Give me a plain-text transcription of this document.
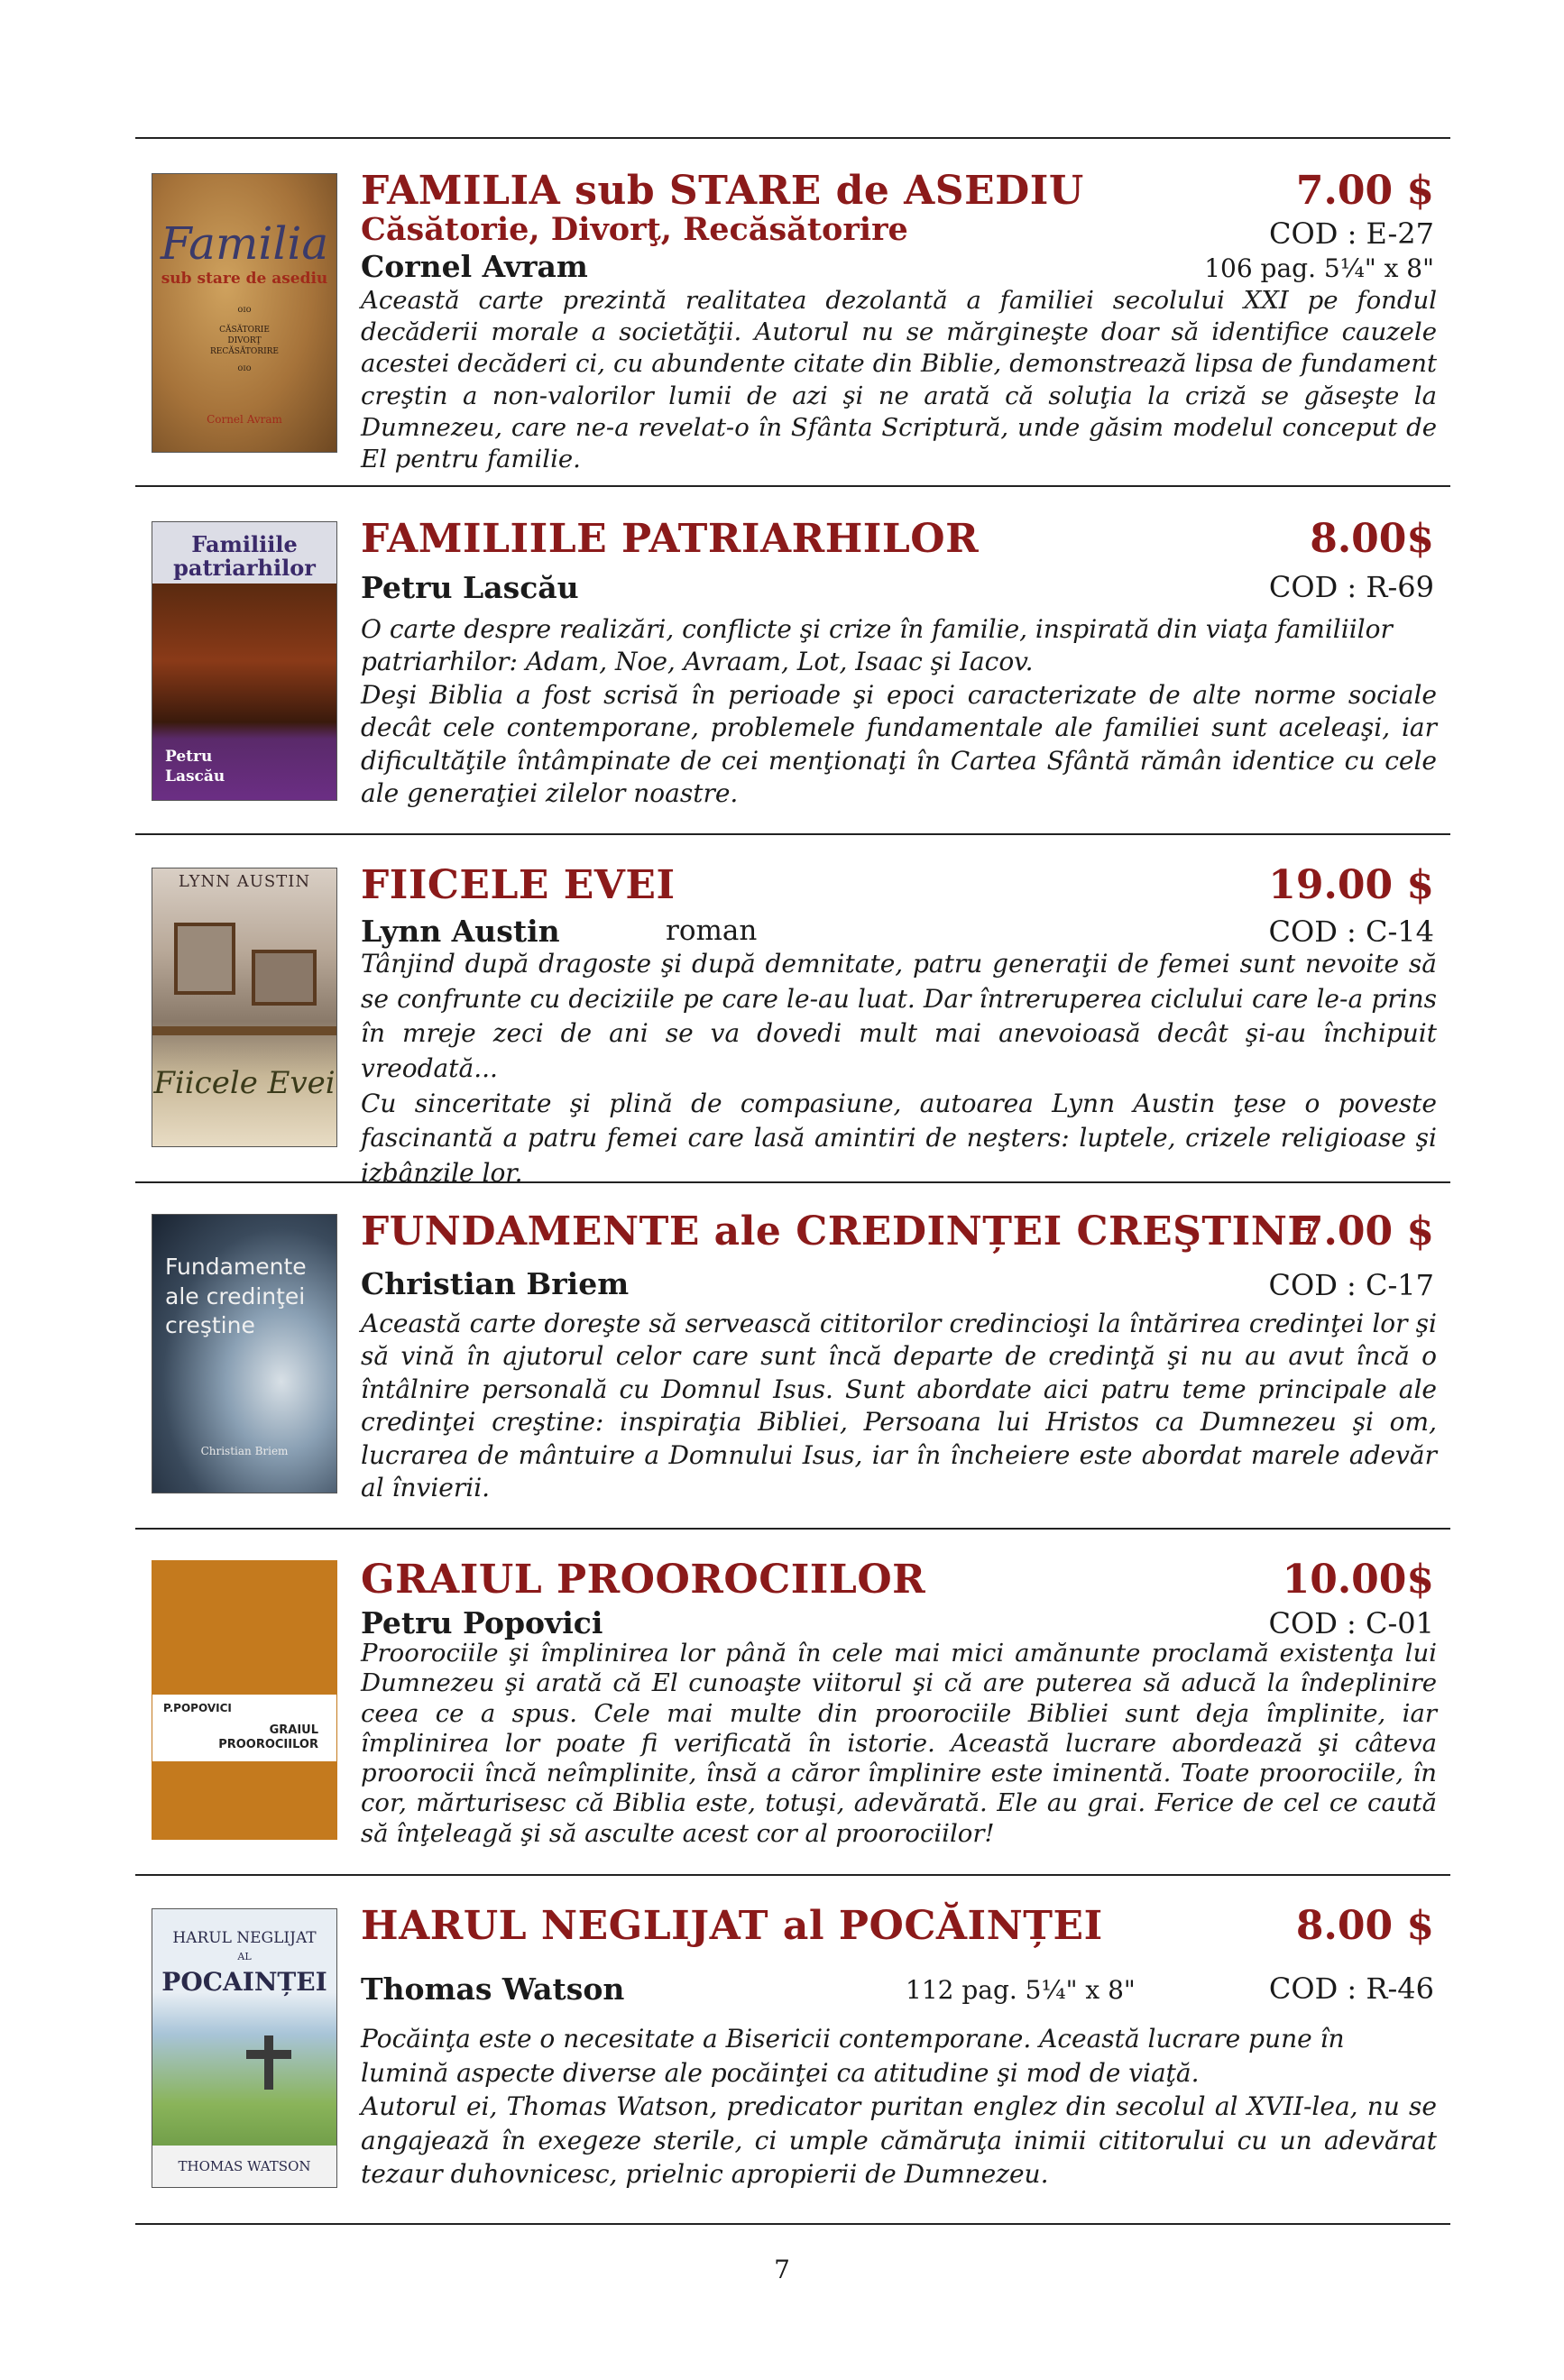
Familia
sub stare de asediu
ᴏɪᴏ
CĂSĂTORIE
DIVORŢ
RECĂSĂTORIRE
ᴏɪᴏ
Cornel Avram
FAMILIA sub STARE de ASEDIU	7.00 $
Căsătorie, Divorţ, Recăsătorire	COD : E-27
Cornel Avram	106 pag. 5¼" x 8"

Această carte prezintă realitatea dezolantă a familiei secolului XXI pe fondul decăderii morale a societăţii. Autorul nu se mărgineşte doar să identifice cauzele acestei decăderi ci, cu abundente citate din Biblie, demonstrează lipsa de fundament creştin a non-valorilor lumii de azi şi ne arată că soluţia la criză se găseşte la Dumnezeu, care ne-a revelat-o în Sfânta Scriptură, unde găsim modelul conceput de El pentru familie.

Familiile patriarhilor
Petru
Lascău
FAMILIILE PATRIARHILOR	8.00$
Petru Lascău	COD : R-69

O carte despre realizări, conflicte şi crize în familie, inspirată din viaţa familiilor patriarhilor: Adam, Noe, Avraam, Lot, Isaac şi Iacov.

Deşi Biblia a fost scrisă în perioade şi epoci caracterizate de alte norme sociale decât cele contemporane, problemele fundamentale ale familiei sunt aceleaşi, iar dificultăţile întâmpinate de cei menţionaţi în Cartea Sfântă rămân identice cu cele ale generaţiei zilelor noastre.

LYNN AUSTIN
Fiicele Evei
FIICELE EVEI	19.00 $
Lynn Austin	roman	COD : C-14

Tânjind după dragoste şi după demnitate, patru generaţii de femei sunt nevoite să se confrunte cu deciziile pe care le-au luat. Dar întreruperea ciclului care le-a prins în mreje zeci de ani se va dovedi mult mai anevoioasă decât şi-au închipuit vreodată...

Cu sinceritate şi plină de compasiune, autoarea Lynn Austin ţese o poveste fascinantă a patru femei care lasă amintiri de neşters: luptele, crizele religioase şi izbânzile lor.

Fundamente ale credinţei creştine
Christian Briem
FUNDAMENTE ale CREDINȚEI CREŞTINE
7.00 $
Christian Briem	COD : C-17

Această carte doreşte să servească cititorilor credincioşi la întărirea credinţei lor şi să vină în ajutorul celor care sunt încă departe de credinţă şi nu au avut încă o întâlnire personală cu Domnul Isus. Sunt abordate aici patru teme principale ale credinţei creştine: inspiraţia Bibliei, Persoana lui Hristos ca Dumnezeu şi om, lucrarea de mântuire a Domnului Isus, iar în încheiere este abordat marele adevăr al învierii.

P.POPOVICI
GRAIUL
PROOROCIILOR
GRAIUL PROOROCIILOR	10.00$
Petru Popovici	COD : C-01

Proorociile şi împlinirea lor până în cele mai mici amănunte proclamă existenţa lui Dumnezeu şi arată că El cunoaşte viitorul şi că are puterea să aducă la îndeplinire ceea ce a spus. Cele mai multe din proorociile Bibliei sunt deja împlinite, iar împlinirea lor poate fi verificată în istorie. Această lucrare abordează şi câteva proorocii încă neîmplinite, însă a căror împlinire este iminentă. Toate proorociile, în cor, mărturisesc că Biblia este, totuşi, adevărată. Ele au grai. Ferice de cel ce caută să înţeleagă şi să asculte acest cor al proorociilor!

HARUL NEGLIJAT
AL
POCAINȚEI
THOMAS WATSON
HARUL NEGLIJAT al POCĂINȚEI	8.00 $
Thomas Watson	112 pag. 5¼" x 8"	COD : R-46

Pocăinţa este o necesitate a Bisericii contemporane. Această lucrare pune în lumină aspecte diverse ale pocăinţei ca atitudine şi mod de viaţă.

Autorul ei, Thomas Watson, predicator puritan englez din secolul al XVII-lea, nu se angajează în exegeze sterile, ci umple cămăruţa inimii cititorului cu un adevărat tezaur duhovnicesc, prielnic apropierii de Dumnezeu.

7
